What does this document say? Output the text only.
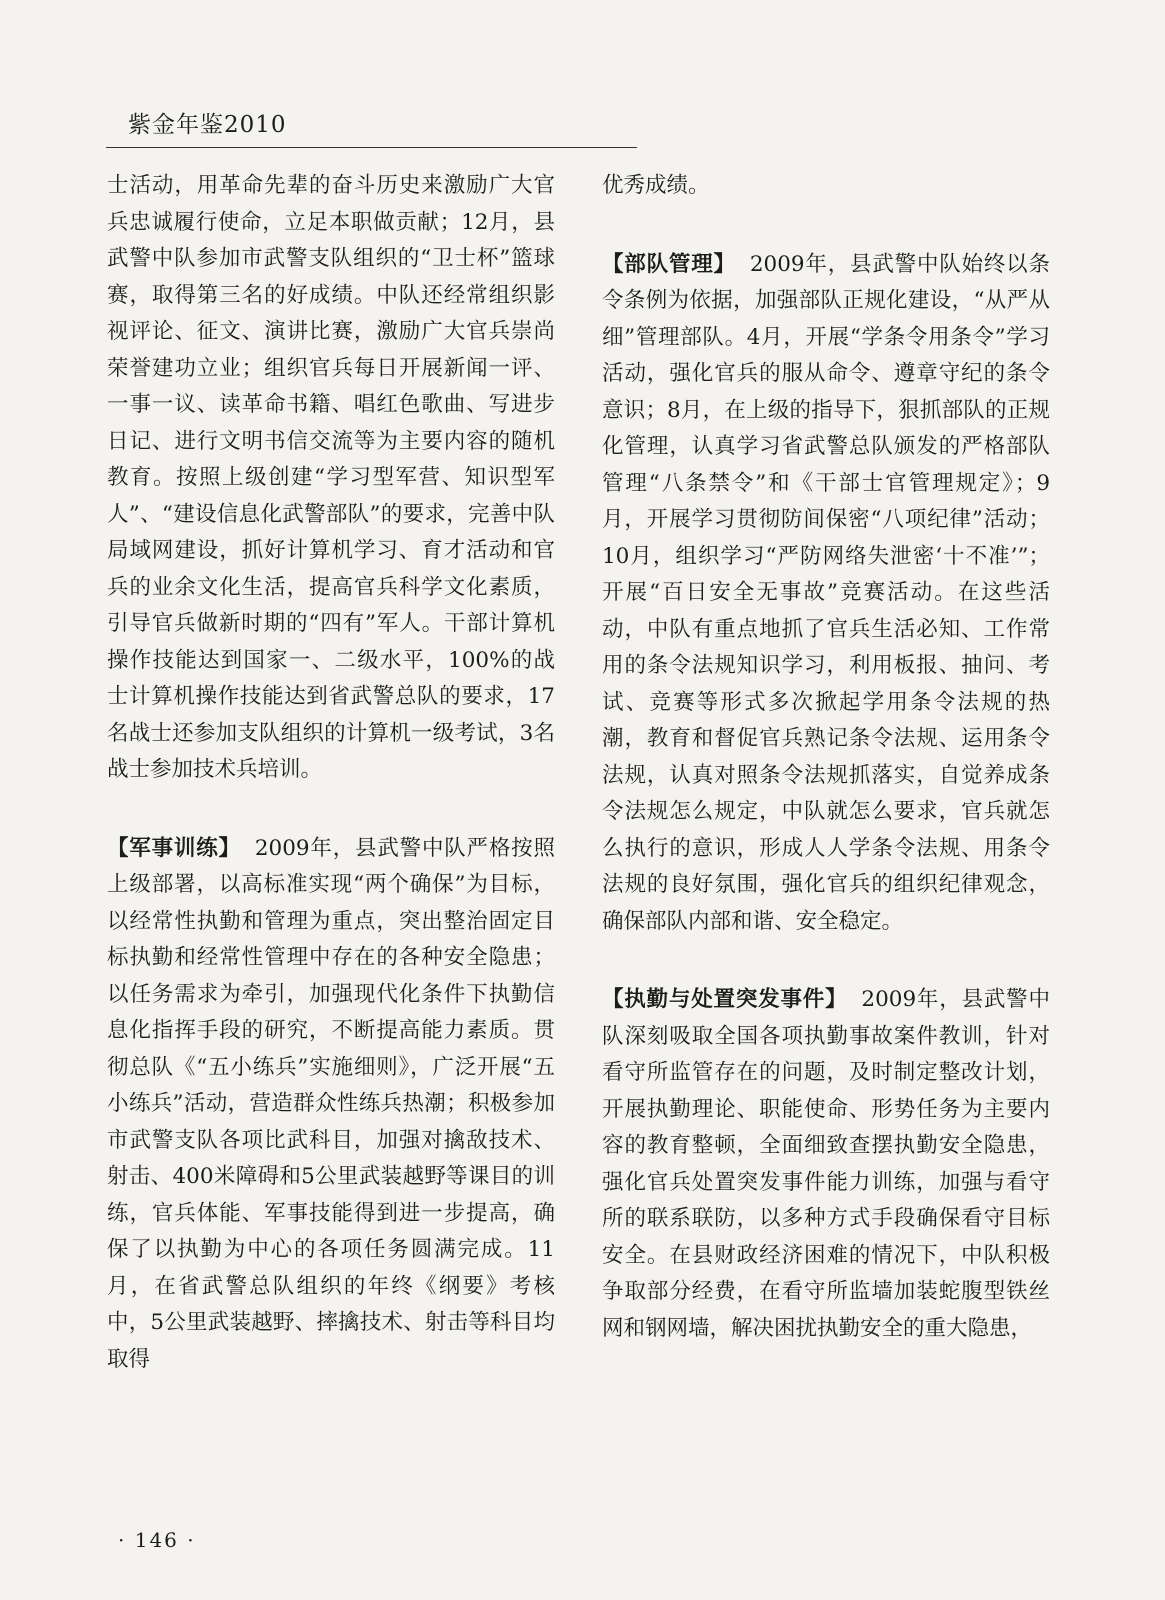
紫金年鉴2010

士活动，用革命先辈的奋斗历史来激励广大官兵忠诚履行使命，立足本职做贡献；12月，县武警中队参加市武警支队组织的“卫士杯”篮球赛，取得第三名的好成绩。中队还经常组织影视评论、征文、演讲比赛，激励广大官兵崇尚荣誉建功立业；组织官兵每日开展新闻一评、一事一议、读革命书籍、唱红色歌曲、写进步日记、进行文明书信交流等为主要内容的随机教育。按照上级创建“学习型军营、知识型军人”、“建设信息化武警部队”的要求，完善中队局域网建设，抓好计算机学习、育才活动和官兵的业余文化生活，提高官兵科学文化素质，引导官兵做新时期的“四有”军人。干部计算机操作技能达到国家一、二级水平，100%的战士计算机操作技能达到省武警总队的要求，17名战士还参加支队组织的计算机一级考试，3名战士参加技术兵培训。

【军事训练】 2009年，县武警中队严格按照上级部署，以高标准实现“两个确保”为目标，以经常性执勤和管理为重点，突出整治固定目标执勤和经常性管理中存在的各种安全隐患；以任务需求为牵引，加强现代化条件下执勤信息化指挥手段的研究，不断提高能力素质。贯彻总队《“五小练兵”实施细则》，广泛开展“五小练兵”活动，营造群众性练兵热潮；积极参加市武警支队各项比武科目，加强对擒敌技术、射击、400米障碍和5公里武装越野等课目的训练，官兵体能、军事技能得到进一步提高，确保了以执勤为中心的各项任务圆满完成。11月，在省武警总队组织的年终《纲要》考核中，5公里武装越野、摔擒技术、射击等科目均取得

优秀成绩。

【部队管理】 2009年，县武警中队始终以条令条例为依据，加强部队正规化建设，“从严从细”管理部队。4月，开展“学条令用条令”学习活动，强化官兵的服从命令、遵章守纪的条令意识；8月，在上级的指导下，狠抓部队的正规化管理，认真学习省武警总队颁发的严格部队管理“八条禁令”和《干部士官管理规定》；9月，开展学习贯彻防间保密“八项纪律”活动；10月，组织学习“严防网络失泄密‘十不准’”；开展“百日安全无事故”竞赛活动。在这些活动，中队有重点地抓了官兵生活必知、工作常用的条令法规知识学习，利用板报、抽问、考试、竞赛等形式多次掀起学用条令法规的热潮，教育和督促官兵熟记条令法规、运用条令法规，认真对照条令法规抓落实，自觉养成条令法规怎么规定，中队就怎么要求，官兵就怎么执行的意识，形成人人学条令法规、用条令法规的良好氛围，强化官兵的组织纪律观念，确保部队内部和谐、安全稳定。

【执勤与处置突发事件】 2009年，县武警中队深刻吸取全国各项执勤事故案件教训，针对看守所监管存在的问题，及时制定整改计划，开展执勤理论、职能使命、形势任务为主要内容的教育整顿，全面细致查摆执勤安全隐患，强化官兵处置突发事件能力训练，加强与看守所的联系联防，以多种方式手段确保看守目标安全。在县财政经济困难的情况下，中队积极争取部分经费，在看守所监墙加装蛇腹型铁丝网和钢网墙，解决困扰执勤安全的重大隐患，

· 146 ·
